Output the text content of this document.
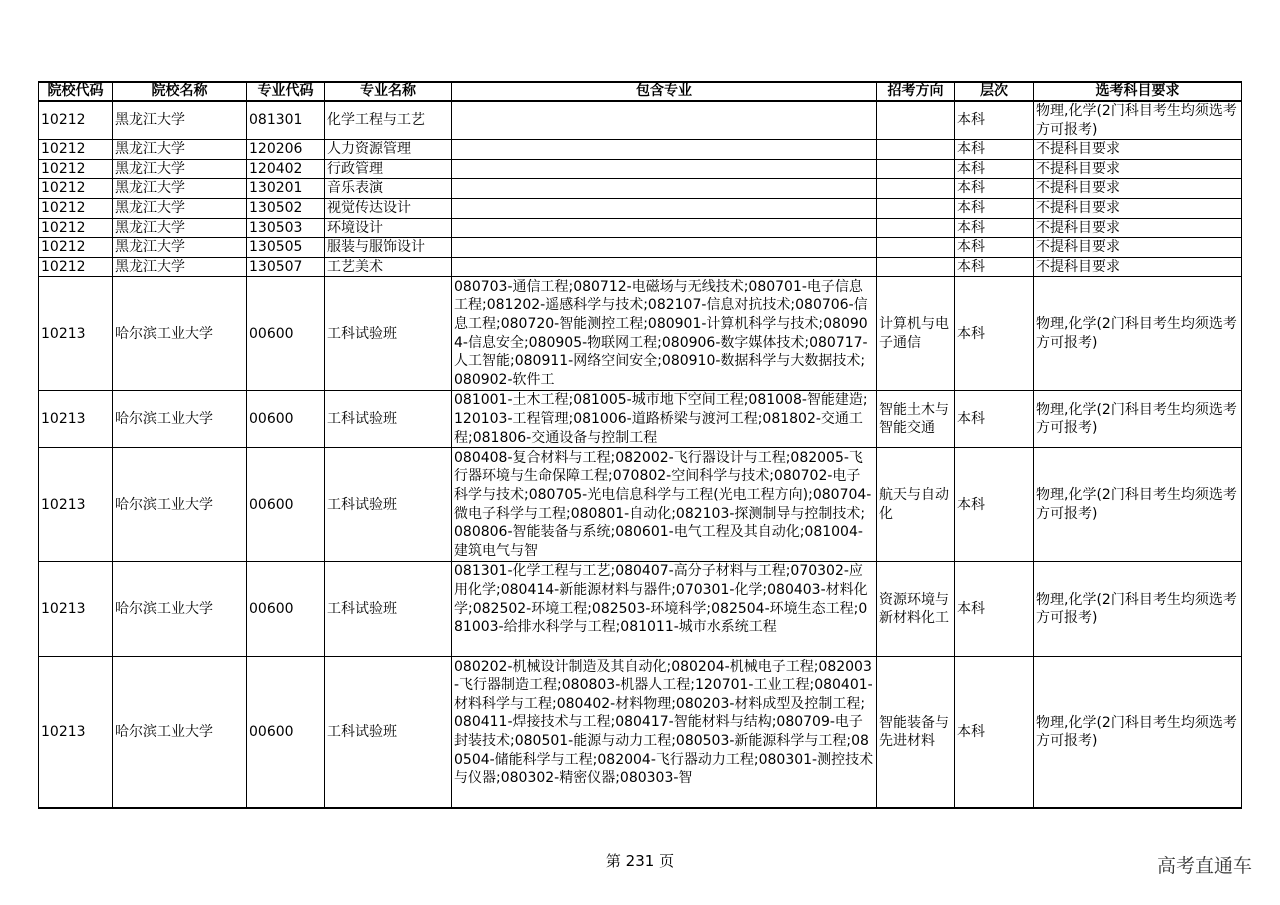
院校代码	院校名称	专业代码	专业名称	包含专业	招考方向	层次	选考科目要求
10212	黑龙江大学	081301	化学工程与工艺			本科	物理,化学(2门科目考生均须选考方可报考)
10212	黑龙江大学	120206	人力资源管理			本科	不提科目要求
10212	黑龙江大学	120402	行政管理			本科	不提科目要求
10212	黑龙江大学	130201	音乐表演			本科	不提科目要求
10212	黑龙江大学	130502	视觉传达设计			本科	不提科目要求
10212	黑龙江大学	130503	环境设计			本科	不提科目要求
10212	黑龙江大学	130505	服装与服饰设计			本科	不提科目要求
10212	黑龙江大学	130507	工艺美术			本科	不提科目要求
10213	哈尔滨工业大学	00600	工科试验班	080703-通信工程;080712-电磁场与无线技术;080701-电子信息工程;081202-遥感科学与技术;082107-信息对抗技术;080706-信息工程;080720-智能测控工程;080901-计算机科学与技术;080904-信息安全;080905-物联网工程;080906-数字媒体技术;080717-人工智能;080911-网络空间安全;080910-数据科学与大数据技术;080902-软件工	计算机与电子通信	本科	物理,化学(2门科目考生均须选考方可报考)
10213	哈尔滨工业大学	00600	工科试验班	081001-土木工程;081005-城市地下空间工程;081008-智能建造;120103-工程管理;081006-道路桥梁与渡河工程;081802-交通工程;081806-交通设备与控制工程	智能土木与智能交通	本科	物理,化学(2门科目考生均须选考方可报考)
10213	哈尔滨工业大学	00600	工科试验班	080408-复合材料与工程;082002-飞行器设计与工程;082005-飞行器环境与生命保障工程;070802-空间科学与技术;080702-电子科学与技术;080705-光电信息科学与工程(光电工程方向);080704-微电子科学与工程;080801-自动化;082103-探测制导与控制技术;080806-智能装备与系统;080601-电气工程及其自动化;081004-建筑电气与智	航天与自动化	本科	物理,化学(2门科目考生均须选考方可报考)
10213	哈尔滨工业大学	00600	工科试验班	081301-化学工程与工艺;080407-高分子材料与工程;070302-应用化学;080414-新能源材料与器件;070301-化学;080403-材料化学;082502-环境工程;082503-环境科学;082504-环境生态工程;081003-给排水科学与工程;081011-城市水系统工程	资源环境与新材料化工	本科	物理,化学(2门科目考生均须选考方可报考)
10213	哈尔滨工业大学	00600	工科试验班	080202-机械设计制造及其自动化;080204-机械电子工程;082003-飞行器制造工程;080803-机器人工程;120701-工业工程;080401-材料科学与工程;080402-材料物理;080203-材料成型及控制工程;080411-焊接技术与工程;080417-智能材料与结构;080709-电子封装技术;080501-能源与动力工程;080503-新能源科学与工程;080504-储能科学与工程;082004-飞行器动力工程;080301-测控技术与仪器;080302-精密仪器;080303-智	智能装备与先进材料	本科	物理,化学(2门科目考生均须选考方可报考)
第 231 页	高考直通车
